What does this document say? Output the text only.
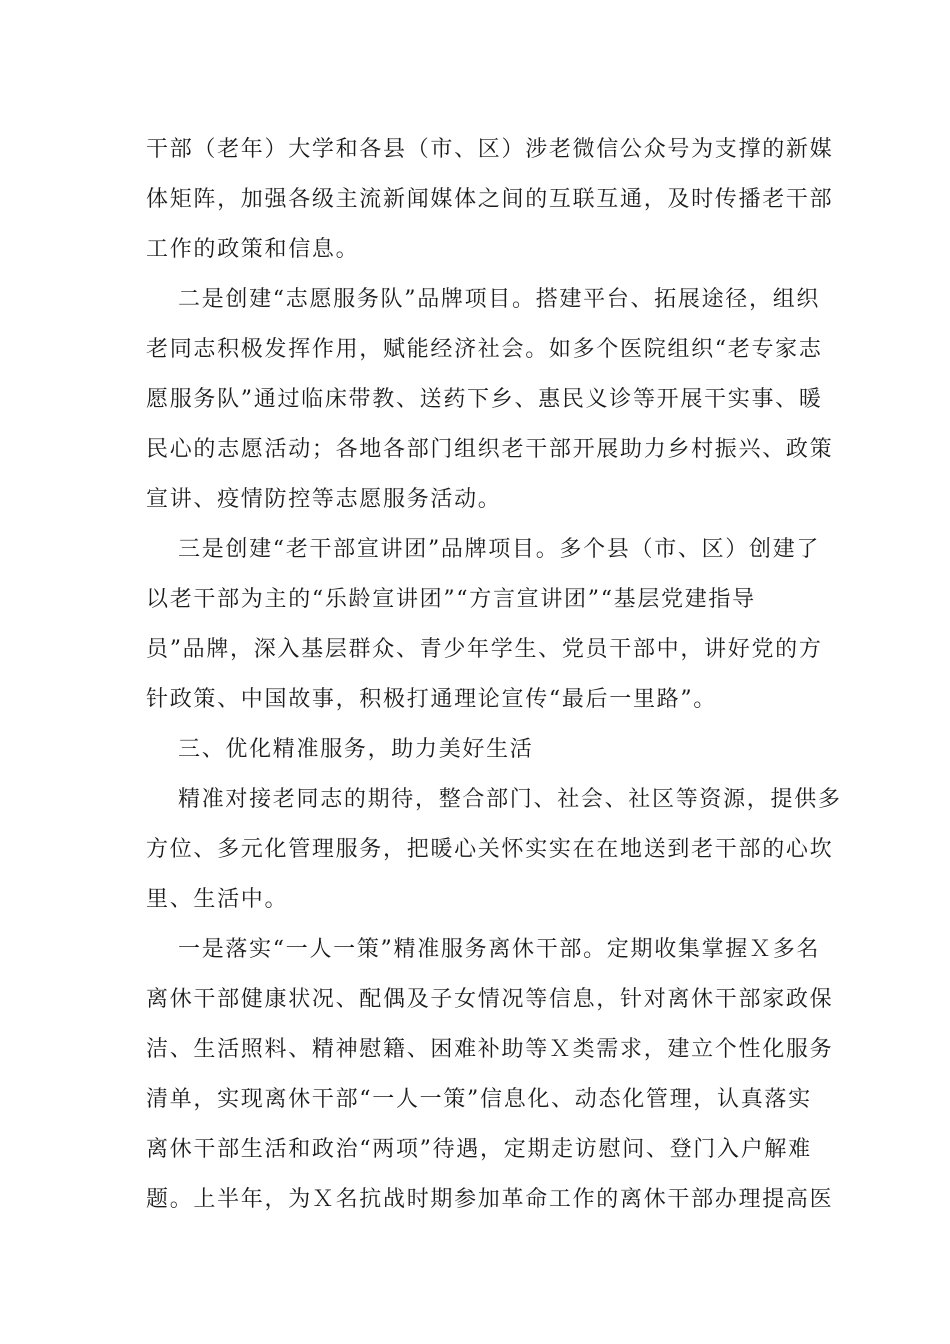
干部（老年）大学和各县（市、区）涉老微信公众号为支撑的新媒
体矩阵，加强各级主流新闻媒体之间的互联互通，及时传播老干部
工作的政策和信息。
二是创建“志愿服务队”品牌项目。搭建平台、拓展途径，组织
老同志积极发挥作用，赋能经济社会。如多个医院组织“老专家志
愿服务队”通过临床带教、送药下乡、惠民义诊等开展干实事、暖
民心的志愿活动；各地各部门组织老干部开展助力乡村振兴、政策
宣讲、疫情防控等志愿服务活动。
三是创建“老干部宣讲团”品牌项目。多个县（市、区）创建了
以老干部为主的“乐龄宣讲团”“方言宣讲团”“基层党建指导
员”品牌，深入基层群众、青少年学生、党员干部中，讲好党的方
针政策、中国故事，积极打通理论宣传“最后一里路”。
三、优化精准服务，助力美好生活
精准对接老同志的期待，整合部门、社会、社区等资源，提供多
方位、多元化管理服务，把暖心关怀实实在在地送到老干部的心坎
里、生活中。
一是落实“一人一策”精准服务离休干部。定期收集掌握Ｘ多名
离休干部健康状况、配偶及子女情况等信息，针对离休干部家政保
洁、生活照料、精神慰籍、困难补助等Ｘ类需求，建立个性化服务
清单，实现离休干部“一人一策”信息化、动态化管理，认真落实
离休干部生活和政治“两项”待遇，定期走访慰问、登门入户解难
题。上半年，为Ｘ名抗战时期参加革命工作的离休干部办理提高医
